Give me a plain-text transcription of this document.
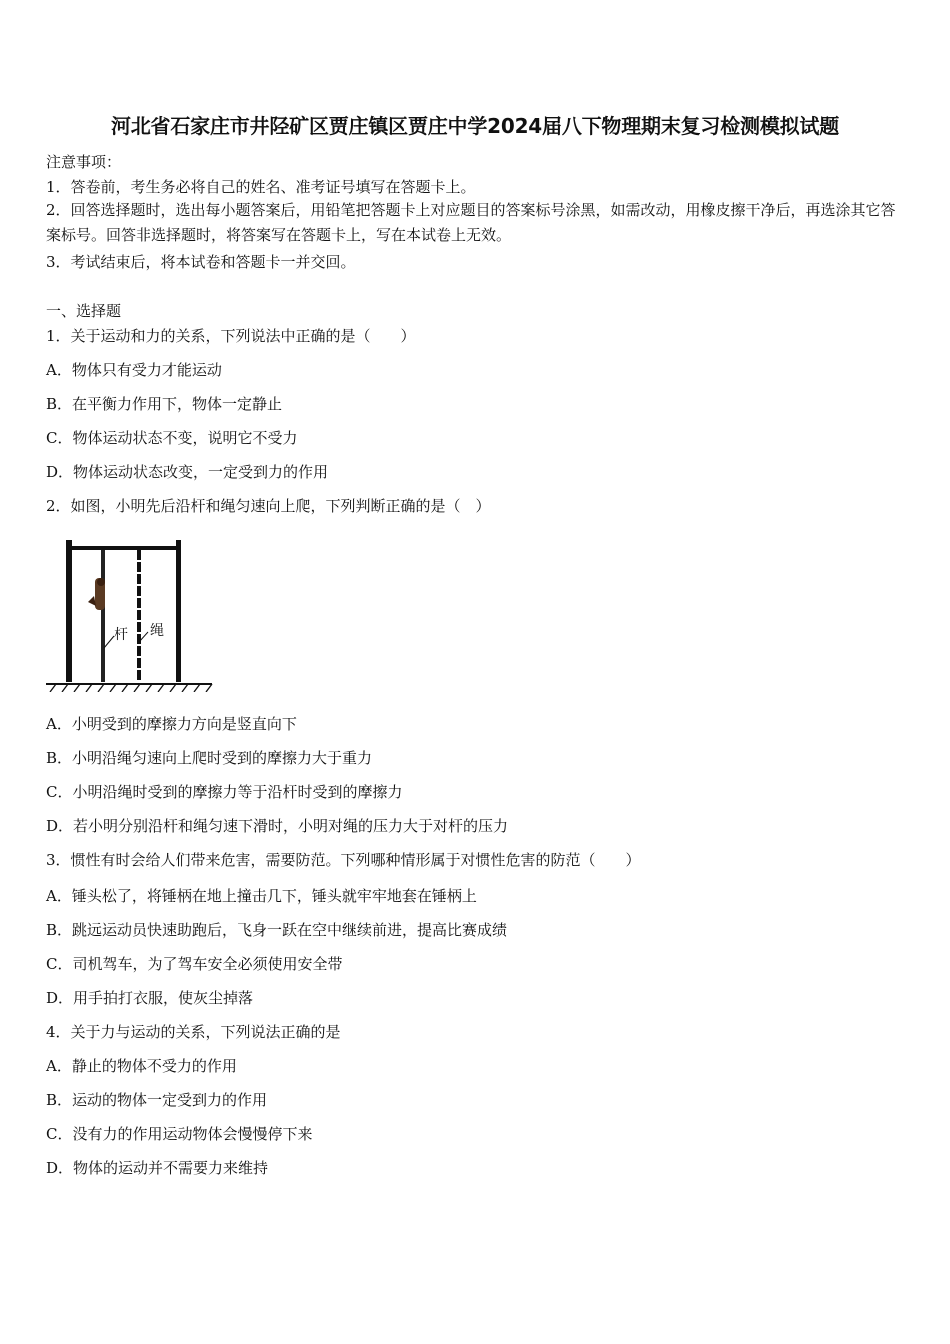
河北省石家庄市井陉矿区贾庄镇区贾庄中学2024届八下物理期末复习检测模拟试题
注意事项：
1．答卷前，考生务必将自己的姓名、准考证号填写在答题卡上。
2．回答选择题时，选出每小题答案后，用铅笔把答题卡上对应题目的答案标号涂黑，如需改动，用橡皮擦干净后，再选涂其它答案标号。回答非选择题时，将答案写在答题卡上，写在本试卷上无效。
3．考试结束后，将本试卷和答题卡一并交回。
一、选择题
1．关于运动和力的关系，下列说法中正确的是（　　）
A．物体只有受力才能运动
B．在平衡力作用下，物体一定静止
C．物体运动状态不变，说明它不受力
D．物体运动状态改变，一定受到力的作用
2．如图，小明先后沿杆和绳匀速向上爬，下列判断正确的是（　）
杆 绳
A．小明受到的摩擦力方向是竖直向下
B．小明沿绳匀速向上爬时受到的摩擦力大于重力
C．小明沿绳时受到的摩擦力等于沿杆时受到的摩擦力
D．若小明分别沿杆和绳匀速下滑时，小明对绳的压力大于对杆的压力
3．惯性有时会给人们带来危害，需要防范。下列哪种情形属于对惯性危害的防范（　　）
A．锤头松了，将锤柄在地上撞击几下，锤头就牢牢地套在锤柄上
B．跳远运动员快速助跑后，飞身一跃在空中继续前进，提高比赛成绩
C．司机驾车，为了驾车安全必须使用安全带
D．用手拍打衣服，使灰尘掉落
4．关于力与运动的关系，下列说法正确的是
A．静止的物体不受力的作用
B．运动的物体一定受到力的作用
C．没有力的作用运动物体会慢慢停下来
D．物体的运动并不需要力来维持
